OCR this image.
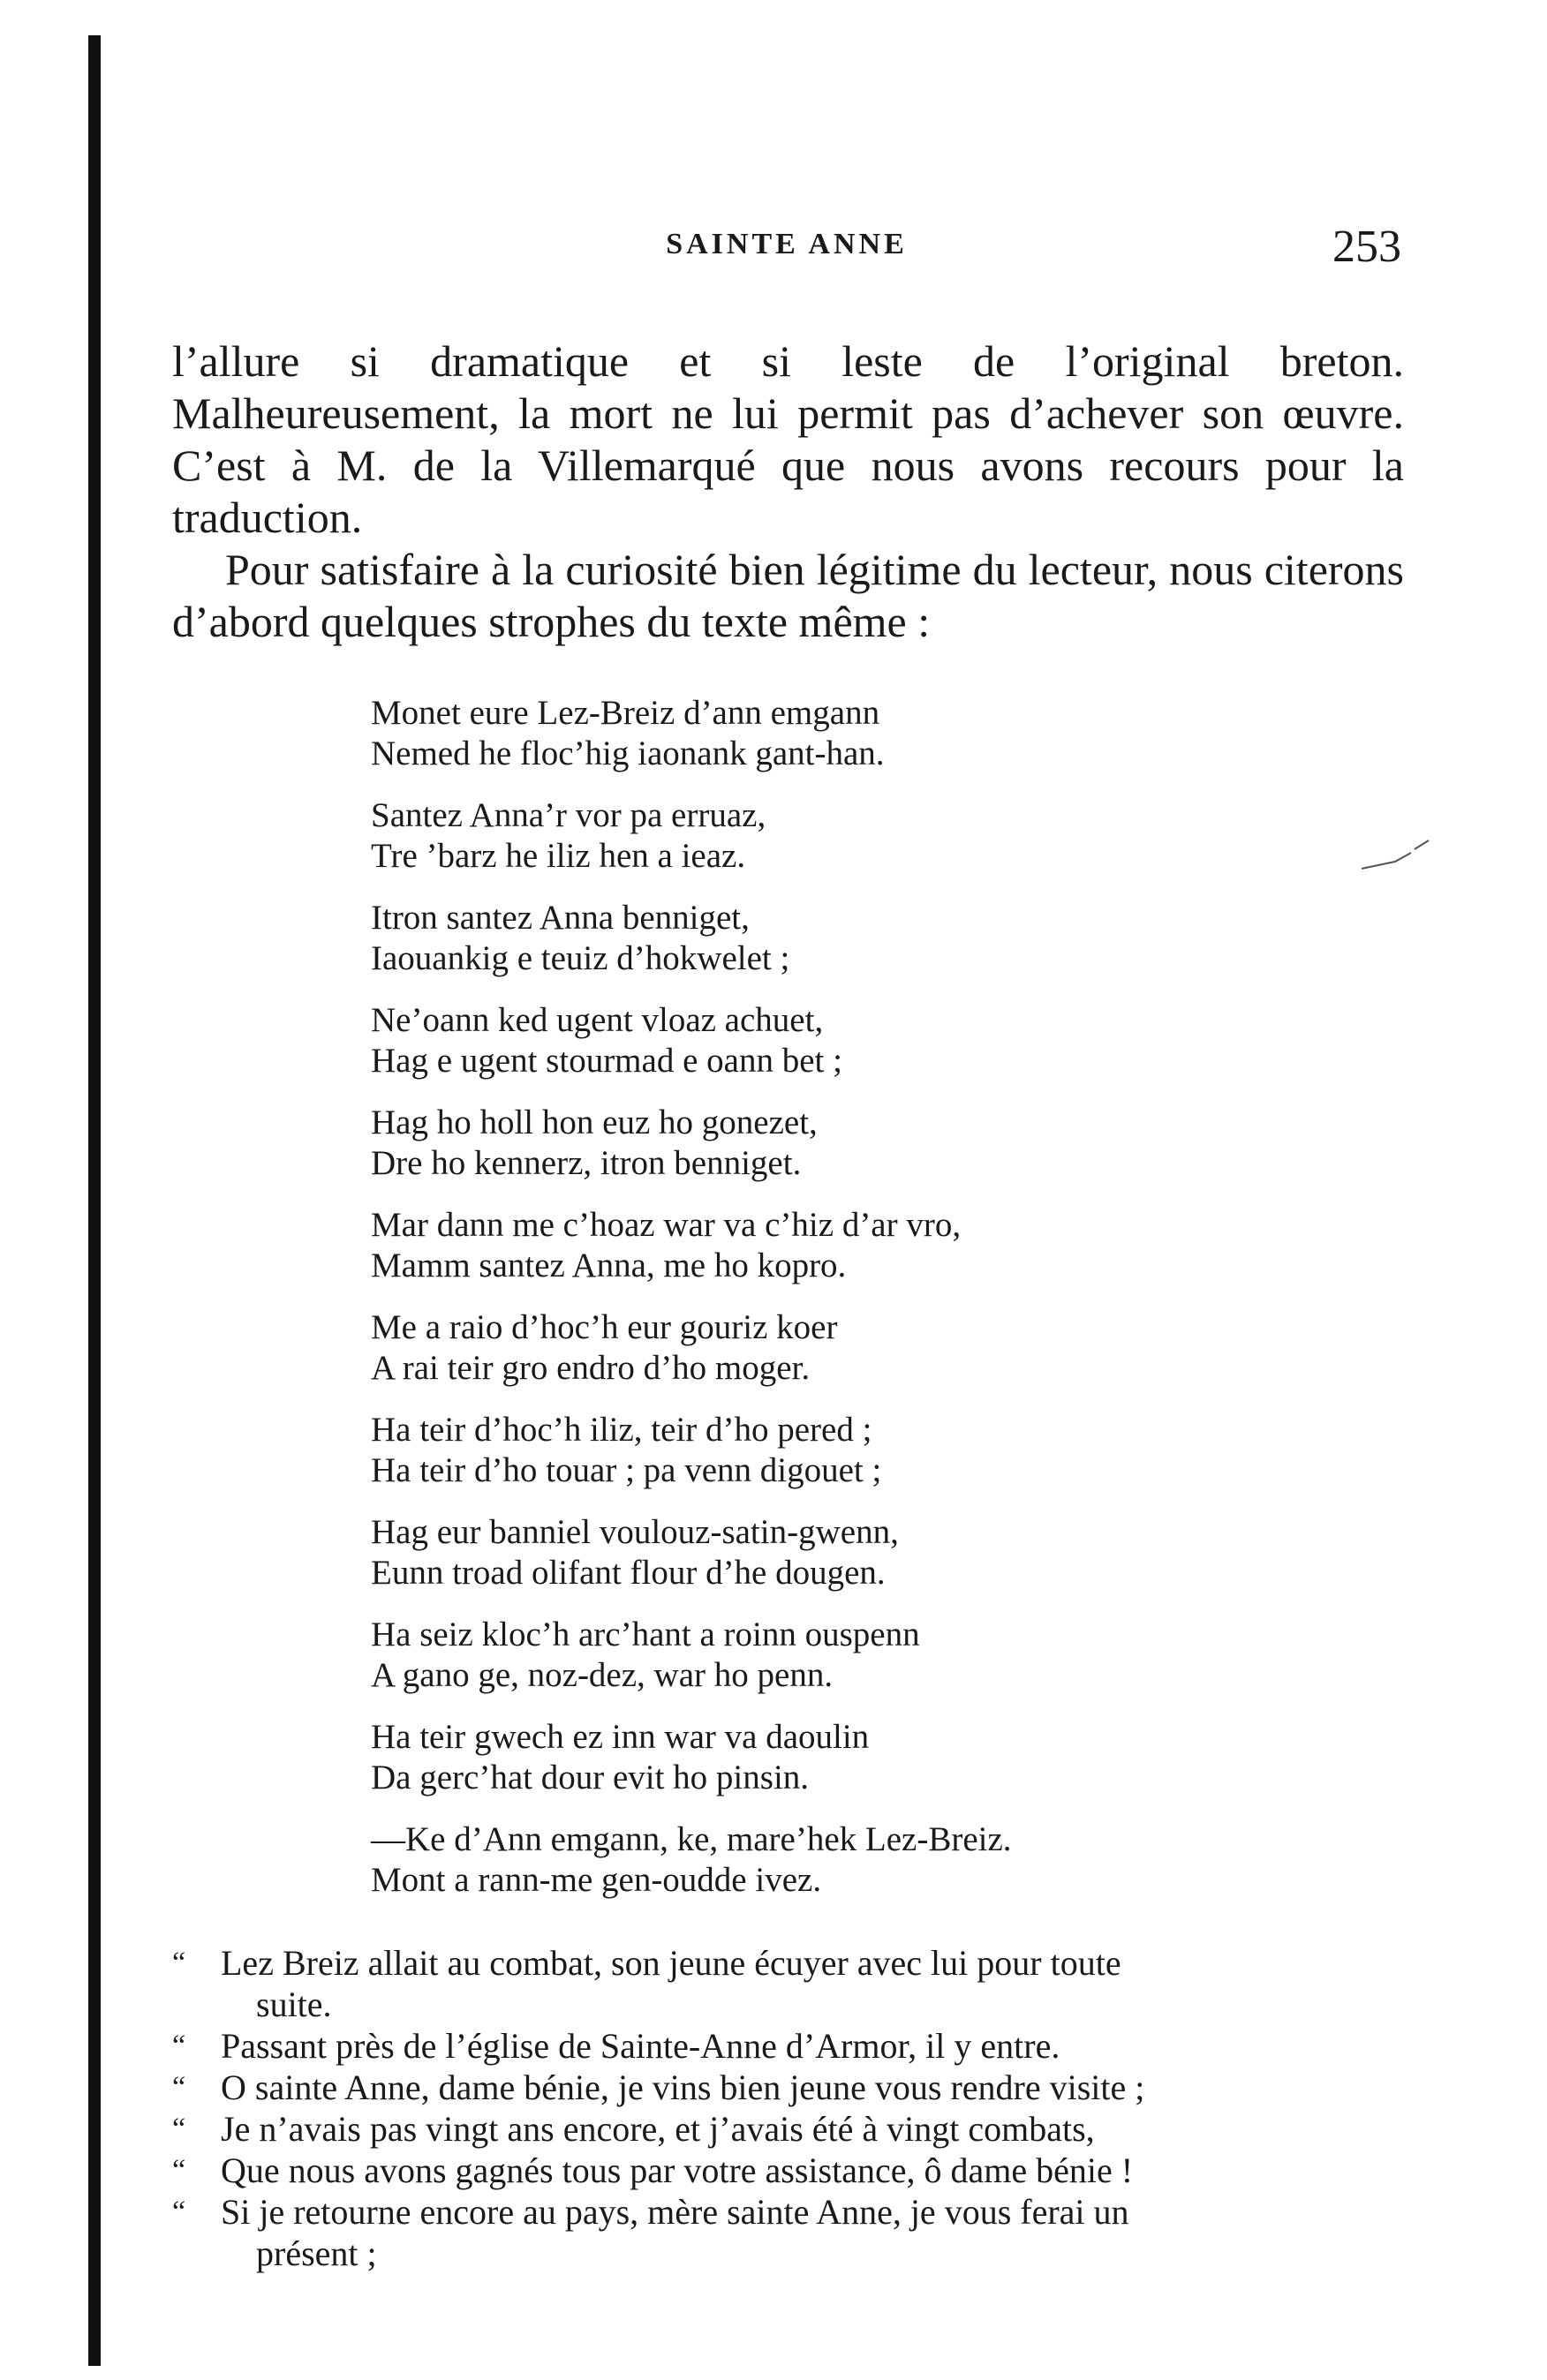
SAINTE ANNE	253

l’allure si dramatique et si leste de l’original breton. Malheureusement, la mort ne lui permit pas d’achever son œuvre. C’est à M. de la Villemarqué que nous avons recours pour la traduction.

Pour satisfaire à la curiosité bien légitime du lecteur, nous citerons d’abord quelques strophes du texte même :

Monet eure Lez-Breiz d’ann emgann
Nemed he floc’hig iaonank gant-han.
Santez Anna’r vor pa erruaz,
Tre ’barz he iliz hen a ieaz.
Itron santez Anna benniget,
Iaouankig e teuiz d’hokwelet ;
Ne’oann ked ugent vloaz achuet,
Hag e ugent stourmad e oann bet ;
Hag ho holl hon euz ho gonezet,
Dre ho kennerz, itron benniget.
Mar dann me c’hoaz war va c’hiz d’ar vro,
Mamm santez Anna, me ho kopro.
Me a raio d’hoc’h eur gouriz koer
A rai teir gro endro d’ho moger.
Ha teir d’hoc’h iliz, teir d’ho pered ;
Ha teir d’ho touar ; pa venn digouet ;
Hag eur banniel voulouz-satin-gwenn,
Eunn troad olifant flour d’he dougen.
Ha seiz kloc’h arc’hant a roinn ouspenn
A gano ge, noz-dez, war ho penn.
Ha teir gwech ez inn war va daoulin
Da gerc’hat dour evit ho pinsin.
—Ke d’Ann emgann, ke, mare’hek Lez-Breiz.
Mont a rann-me gen-oudde ivez.
“ Lez Breiz allait au combat, son jeune écuyer avec lui pour toute
suite.
“ Passant près de l’église de Sainte-Anne d’Armor, il y entre.
“ O sainte Anne, dame bénie, je vins bien jeune vous rendre visite ;
“ Je n’avais pas vingt ans encore, et j’avais été à vingt combats,
“ Que nous avons gagnés tous par votre assistance, ô dame bénie !
“ Si je retourne encore au pays, mère sainte Anne, je vous ferai un
présent ;
